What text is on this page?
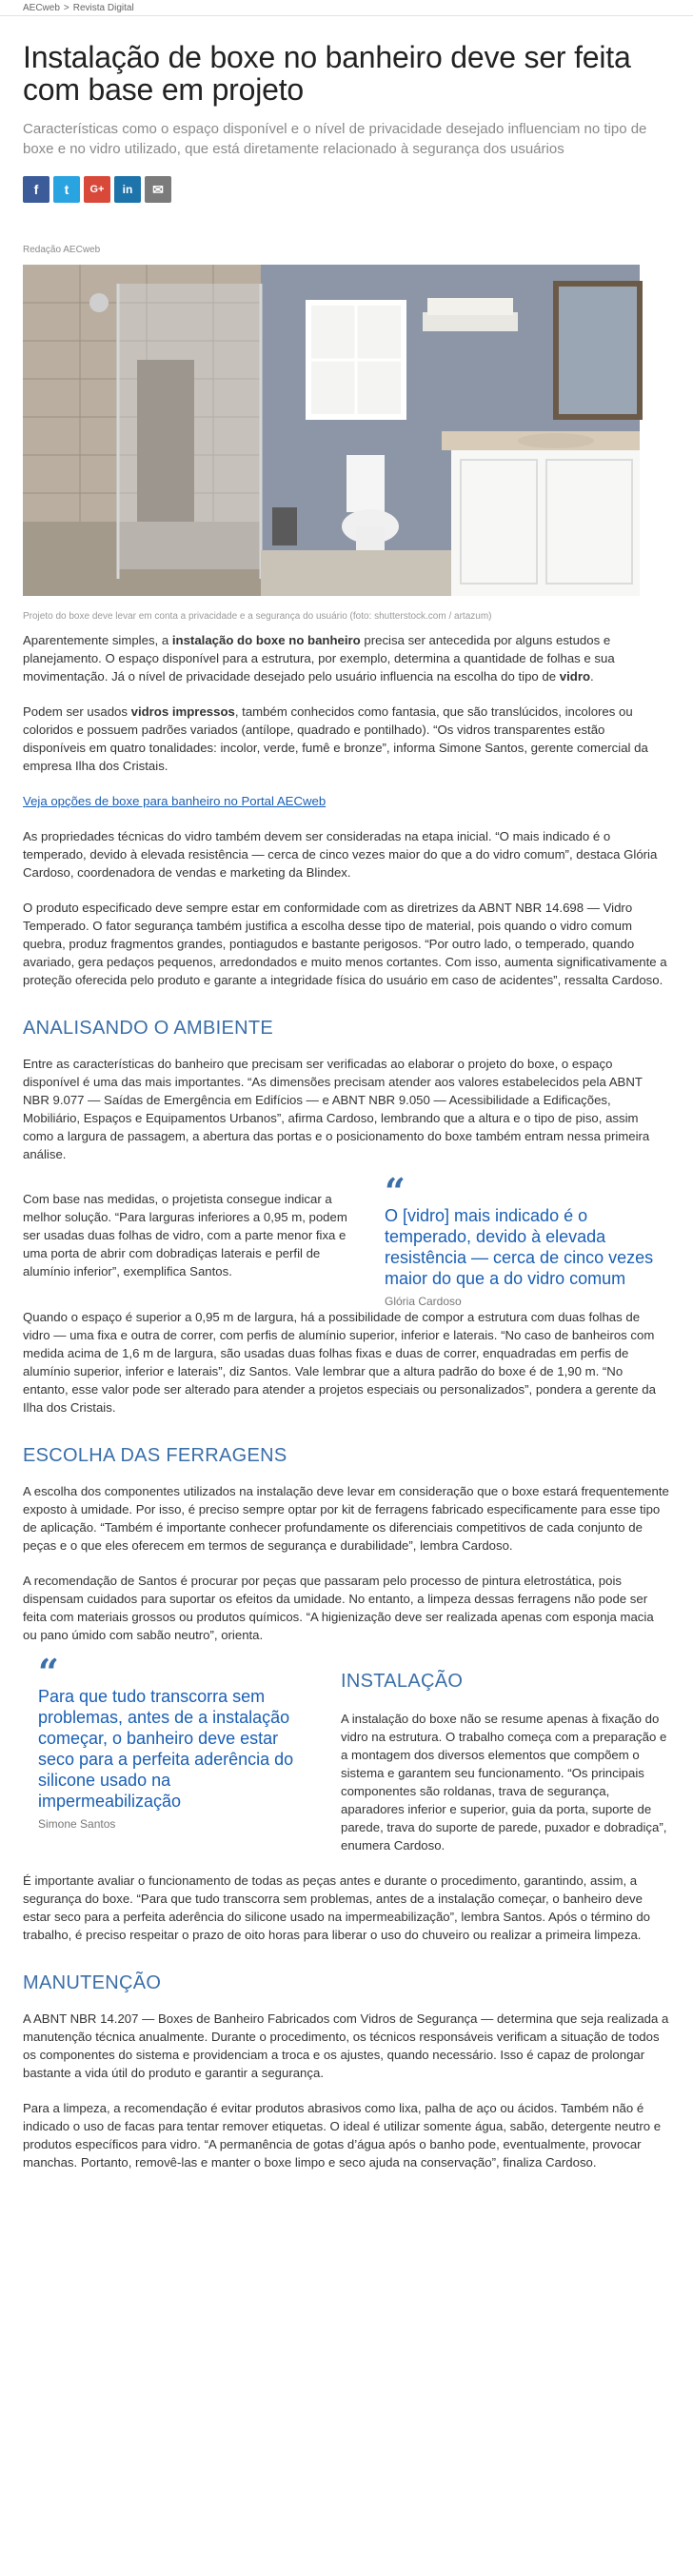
AECweb > Revista Digital
Instalação de boxe no banheiro deve ser feita com base em projeto

Características como o espaço disponível e o nível de privacidade desejado influenciam no tipo de boxe e no vidro utilizado, que está diretamente relacionado à segurança dos usuários

f t G+ in ✉
Redação AECweb
Projeto do boxe deve levar em conta a privacidade e a segurança do usuário (foto: shutterstock.com / artazum)

Aparentemente simples, a instalação do boxe no banheiro precisa ser antecedida por alguns estudos e planejamento. O espaço disponível para a estrutura, por exemplo, determina a quantidade de folhas e sua movimentação. Já o nível de privacidade desejado pelo usuário influencia na escolha do tipo de vidro.

Podem ser usados vidros impressos, também conhecidos como fantasia, que são translúcidos, incolores ou coloridos e possuem padrões variados (antílope, quadrado e pontilhado). “Os vidros transparentes estão disponíveis em quatro tonalidades: incolor, verde, fumê e bronze”, informa Simone Santos, gerente comercial da empresa Ilha dos Cristais.

Veja opções de boxe para banheiro no Portal AECweb

As propriedades técnicas do vidro também devem ser consideradas na etapa inicial. “O mais indicado é o temperado, devido à elevada resistência — cerca de cinco vezes maior do que a do vidro comum”, destaca Glória Cardoso, coordenadora de vendas e marketing da Blindex.

O produto especificado deve sempre estar em conformidade com as diretrizes da ABNT NBR 14.698 — Vidro Temperado. O fator segurança também justifica a escolha desse tipo de material, pois quando o vidro comum quebra, produz fragmentos grandes, pontiagudos e bastante perigosos. “Por outro lado, o temperado, quando avariado, gera pedaços pequenos, arredondados e muito menos cortantes. Com isso, aumenta significativamente a proteção oferecida pelo produto e garante a integridade física do usuário em caso de acidentes”, ressalta Cardoso.

ANALISANDO O AMBIENTE

Entre as características do banheiro que precisam ser verificadas ao elaborar o projeto do boxe, o espaço disponível é uma das mais importantes. “As dimensões precisam atender aos valores estabelecidos pela ABNT NBR 9.077 — Saídas de Emergência em Edifícios — e ABNT NBR 9.050 — Acessibilidade a Edificações, Mobiliário, Espaços e Equipamentos Urbanos”, afirma Cardoso, lembrando que a altura e o tipo de piso, assim como a largura de passagem, a abertura das portas e o posicionamento do boxe também entram nessa primeira análise.

Com base nas medidas, o projetista consegue indicar a melhor solução. “Para larguras inferiores a 0,95 m, podem ser usadas duas folhas de vidro, com a parte menor fixa e uma porta de abrir com dobradiças laterais e perfil de alumínio inferior”, exemplifica Santos.

“
O [vidro] mais indicado é o temperado, devido à elevada resistência — cerca de cinco vezes maior do que a do vidro comum
Glória Cardoso

Quando o espaço é superior a 0,95 m de largura, há a possibilidade de compor a estrutura com duas folhas de vidro — uma fixa e outra de correr, com perfis de alumínio superior, inferior e laterais. “No caso de banheiros com medida acima de 1,6 m de largura, são usadas duas folhas fixas e duas de correr, enquadradas em perfis de alumínio superior, inferior e laterais”, diz Santos. Vale lembrar que a altura padrão do boxe é de 1,90 m. “No entanto, esse valor pode ser alterado para atender a projetos especiais ou personalizados”, pondera a gerente da Ilha dos Cristais.

ESCOLHA DAS FERRAGENS

A escolha dos componentes utilizados na instalação deve levar em consideração que o boxe estará frequentemente exposto à umidade. Por isso, é preciso sempre optar por kit de ferragens fabricado especificamente para esse tipo de aplicação. “Também é importante conhecer profundamente os diferenciais competitivos de cada conjunto de peças e o que eles oferecem em termos de segurança e durabilidade”, lembra Cardoso.

A recomendação de Santos é procurar por peças que passaram pelo processo de pintura eletrostática, pois dispensam cuidados para suportar os efeitos da umidade. No entanto, a limpeza dessas ferragens não pode ser feita com materiais grossos ou produtos químicos. “A higienização deve ser realizada apenas com esponja macia ou pano úmido com sabão neutro”, orienta.

“
Para que tudo transcorra sem problemas, antes de a instalação começar, o banheiro deve estar seco para a perfeita aderência do silicone usado na impermeabilização
Simone Santos
INSTALAÇÃO

A instalação do boxe não se resume apenas à fixação do vidro na estrutura. O trabalho começa com a preparação e a montagem dos diversos elementos que compõem o sistema e garantem seu funcionamento. “Os principais componentes são roldanas, trava de segurança, aparadores inferior e superior, guia da porta, suporte de parede, trava do suporte de parede, puxador e dobradiça”, enumera Cardoso.

É importante avaliar o funcionamento de todas as peças antes e durante o procedimento, garantindo, assim, a segurança do boxe. “Para que tudo transcorra sem problemas, antes de a instalação começar, o banheiro deve estar seco para a perfeita aderência do silicone usado na impermeabilização”, lembra Santos. Após o término do trabalho, é preciso respeitar o prazo de oito horas para liberar o uso do chuveiro ou realizar a primeira limpeza.

MANUTENÇÃO

A ABNT NBR 14.207 — Boxes de Banheiro Fabricados com Vidros de Segurança — determina que seja realizada a manutenção técnica anualmente. Durante o procedimento, os técnicos responsáveis verificam a situação de todos os componentes do sistema e providenciam a troca e os ajustes, quando necessário. Isso é capaz de prolongar bastante a vida útil do produto e garantir a segurança.

Para a limpeza, a recomendação é evitar produtos abrasivos como lixa, palha de aço ou ácidos. Também não é indicado o uso de facas para tentar remover etiquetas. O ideal é utilizar somente água, sabão, detergente neutro e produtos específicos para vidro. “A permanência de gotas d’água após o banho pode, eventualmente, provocar manchas. Portanto, removê-las e manter o boxe limpo e seco ajuda na conservação”, finaliza Cardoso.
